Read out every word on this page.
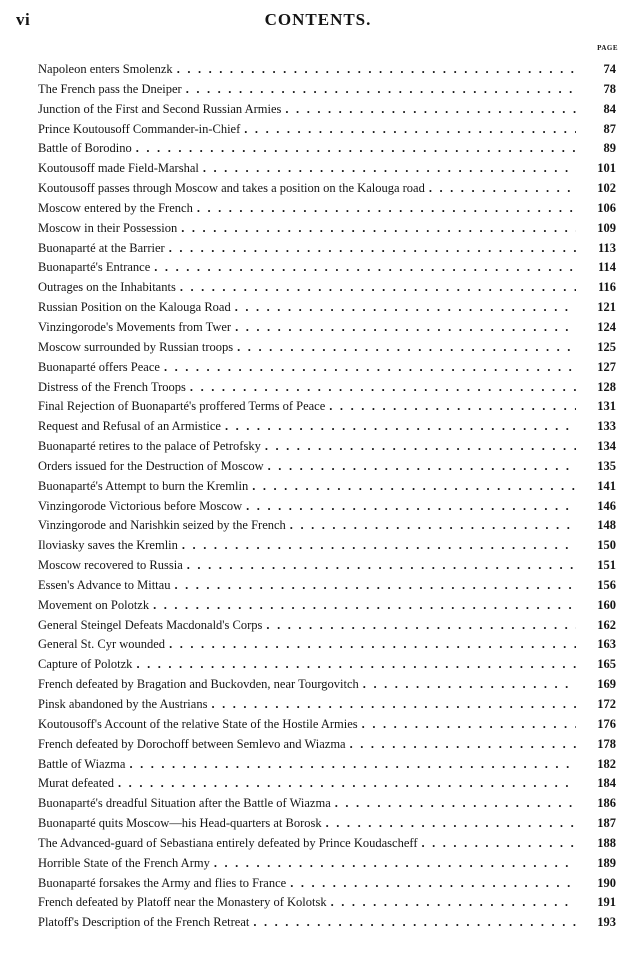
vi	CONTENTS.
PAGE
Napoleon enters Smolenzk . . .	74
The French pass the Dneiper . . .	78
Junction of the First and Second Russian Armies . . .	84
Prince Koutousoff Commander-in-Chief . . .	87
Battle of Borodino . . .	89
Koutousoff made Field-Marshal . . .	101
Koutousoff passes through Moscow and takes a position on the Kalouga road . . .	102
Moscow entered by the French . . .	106
Moscow in their Possession . . .	109
Buonaparté at the Barrier . . .	113
Buonaparté's Entrance . . .	114
Outrages on the Inhabitants . . .	116
Russian Position on the Kalouga Road . . .	121
Vinzingorode's Movements from Twer . . .	124
Moscow surrounded by Russian troops . . .	125
Buonaparté offers Peace . . .	127
Distress of the French Troops . . .	128
Final Rejection of Buonaparté's proffered Terms of Peace . . .	131
Request and Refusal of an Armistice . . .	133
Buonaparté retires to the palace of Petrofsky . . .	134
Orders issued for the Destruction of Moscow . . .	135
Buonaparté's Attempt to burn the Kremlin . . .	141
Vinzingorode Victorious before Moscow . . .	146
Vinzingorode and Narishkin seized by the French . . .	148
Iloviasky saves the Kremlin . . .	150
Moscow recovered to Russia . . .	151
Essen's Advance to Mittau . . .	156
Movement on Polotzk . . .	160
General Steingel Defeats Macdonald's Corps . . .	162
General St. Cyr wounded . . .	163
Capture of Polotzk . . .	165
French defeated by Bragation and Buckovden, near Tourgovitch . . .	169
Pinsk abandoned by the Austrians . . .	172
Koutousoff's Account of the relative State of the Hostile Armies . . .	176
French defeated by Dorochoff between Semlevo and Wiazma . . .	178
Battle of Wiazma . . .	182
Murat defeated . . .	184
Buonaparté's dreadful Situation after the Battle of Wiazma . . .	186
Buonaparté quits Moscow—his Head-quarters at Borosk . . .	187
The Advanced-guard of Sebastiana entirely defeated by Prince Koudascheff . . .	188
Horrible State of the French Army . . .	189
Buonaparté forsakes the Army and flies to France . . .	190
French defeated by Platoff near the Monastery of Kolotsk . . .	191
Platoff's Description of the French Retreat . . .	193
